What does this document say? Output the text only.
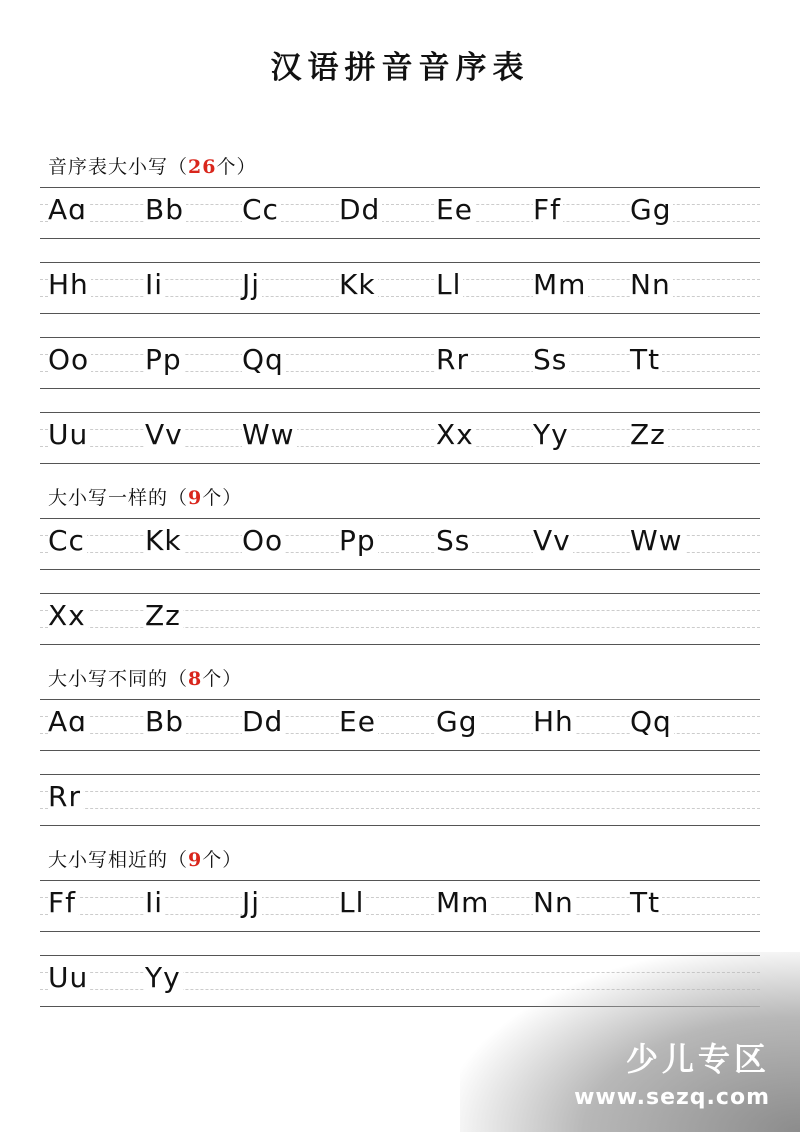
汉语拼音音序表
音序表大小写（26个）
Aɑ Bb Cc Dd Ee Ff Gg
Hh Ii	Jj	Kk Ll	Mm Nn
Oo Pp Qq	Rr Ss Tt
Uu Vv Ww	Xx Yy Zz
大小写一样的（9个）
Cc Kk Oo Pp Ss Vv Ww
Xx Zz
大小写不同的（8个）
Aɑ Bb Dd Ee Gg Hh Qq
Rr
大小写相近的（9个）
Ff Ii	Jj	Ll	Mm Nn Tt
Uu Yy
少儿专区
www.sezq.com
